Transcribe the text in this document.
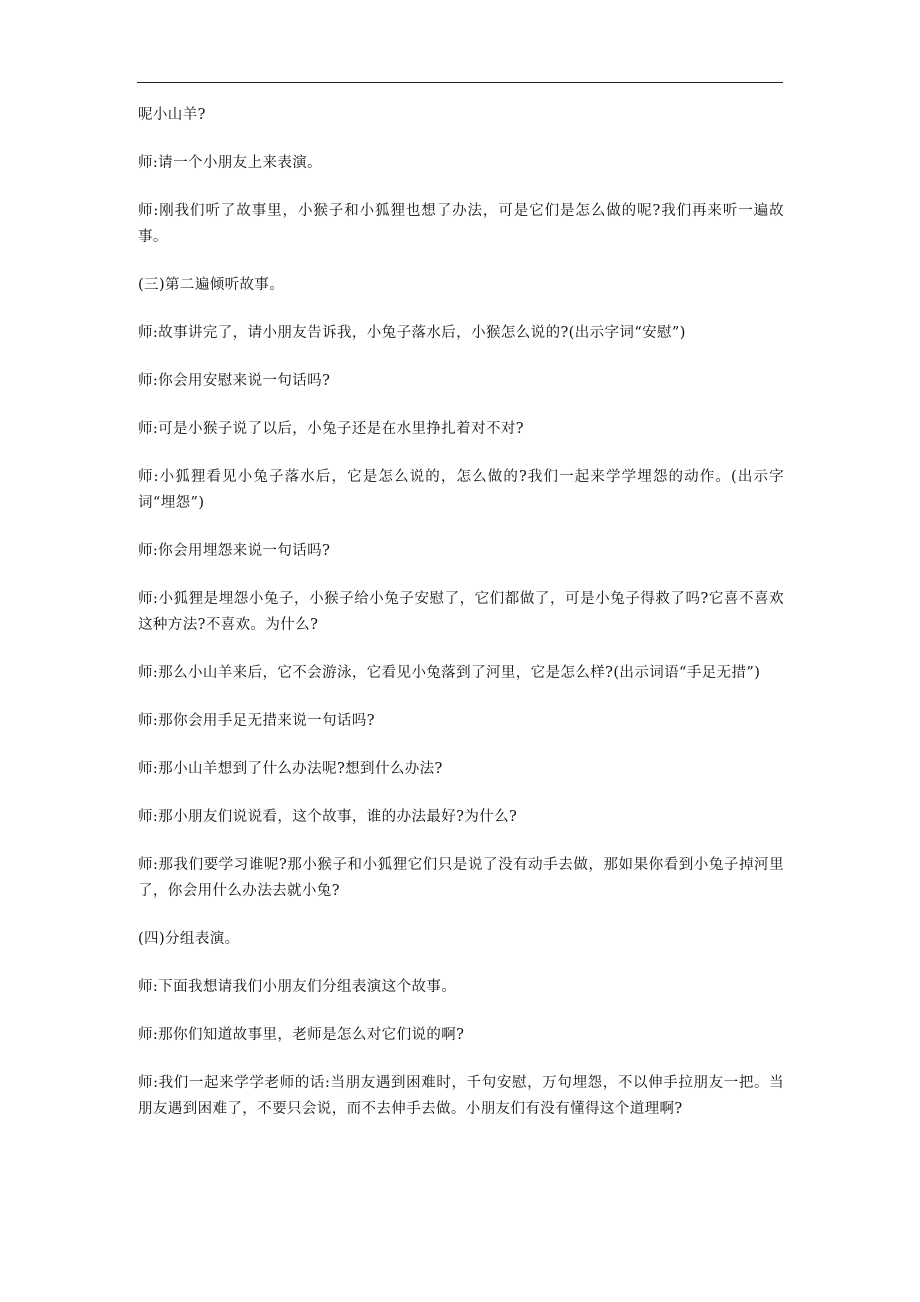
呢小山羊?

师:请一个小朋友上来表演。

师:刚我们听了故事里，小猴子和小狐狸也想了办法，可是它们是怎么做的呢?我们再来听一遍故事。

(三)第二遍倾听故事。

师:故事讲完了，请小朋友告诉我，小兔子落水后，小猴怎么说的?(出示字词“安慰”)

师:你会用安慰来说一句话吗?

师:可是小猴子说了以后，小兔子还是在水里挣扎着对不对?

师:小狐狸看见小兔子落水后，它是怎么说的，怎么做的?我们一起来学学埋怨的动作。(出示字词“埋怨”)

师:你会用埋怨来说一句话吗?

师:小狐狸是埋怨小兔子，小猴子给小兔子安慰了，它们都做了，可是小兔子得救了吗?它喜不喜欢这种方法?不喜欢。为什么?

师:那么小山羊来后，它不会游泳，它看见小兔落到了河里，它是怎么样?(出示词语“手足无措”)

师:那你会用手足无措来说一句话吗?

师:那小山羊想到了什么办法呢?想到什么办法?

师:那小朋友们说说看，这个故事，谁的办法最好?为什么?

师:那我们要学习谁呢?那小猴子和小狐狸它们只是说了没有动手去做，那如果你看到小兔子掉河里了，你会用什么办法去就小兔?

(四)分组表演。

师:下面我想请我们小朋友们分组表演这个故事。

师:那你们知道故事里，老师是怎么对它们说的啊?

师:我们一起来学学老师的话:当朋友遇到困难时，千句安慰，万句埋怨，不以伸手拉朋友一把。当朋友遇到困难了，不要只会说，而不去伸手去做。小朋友们有没有懂得这个道理啊?
